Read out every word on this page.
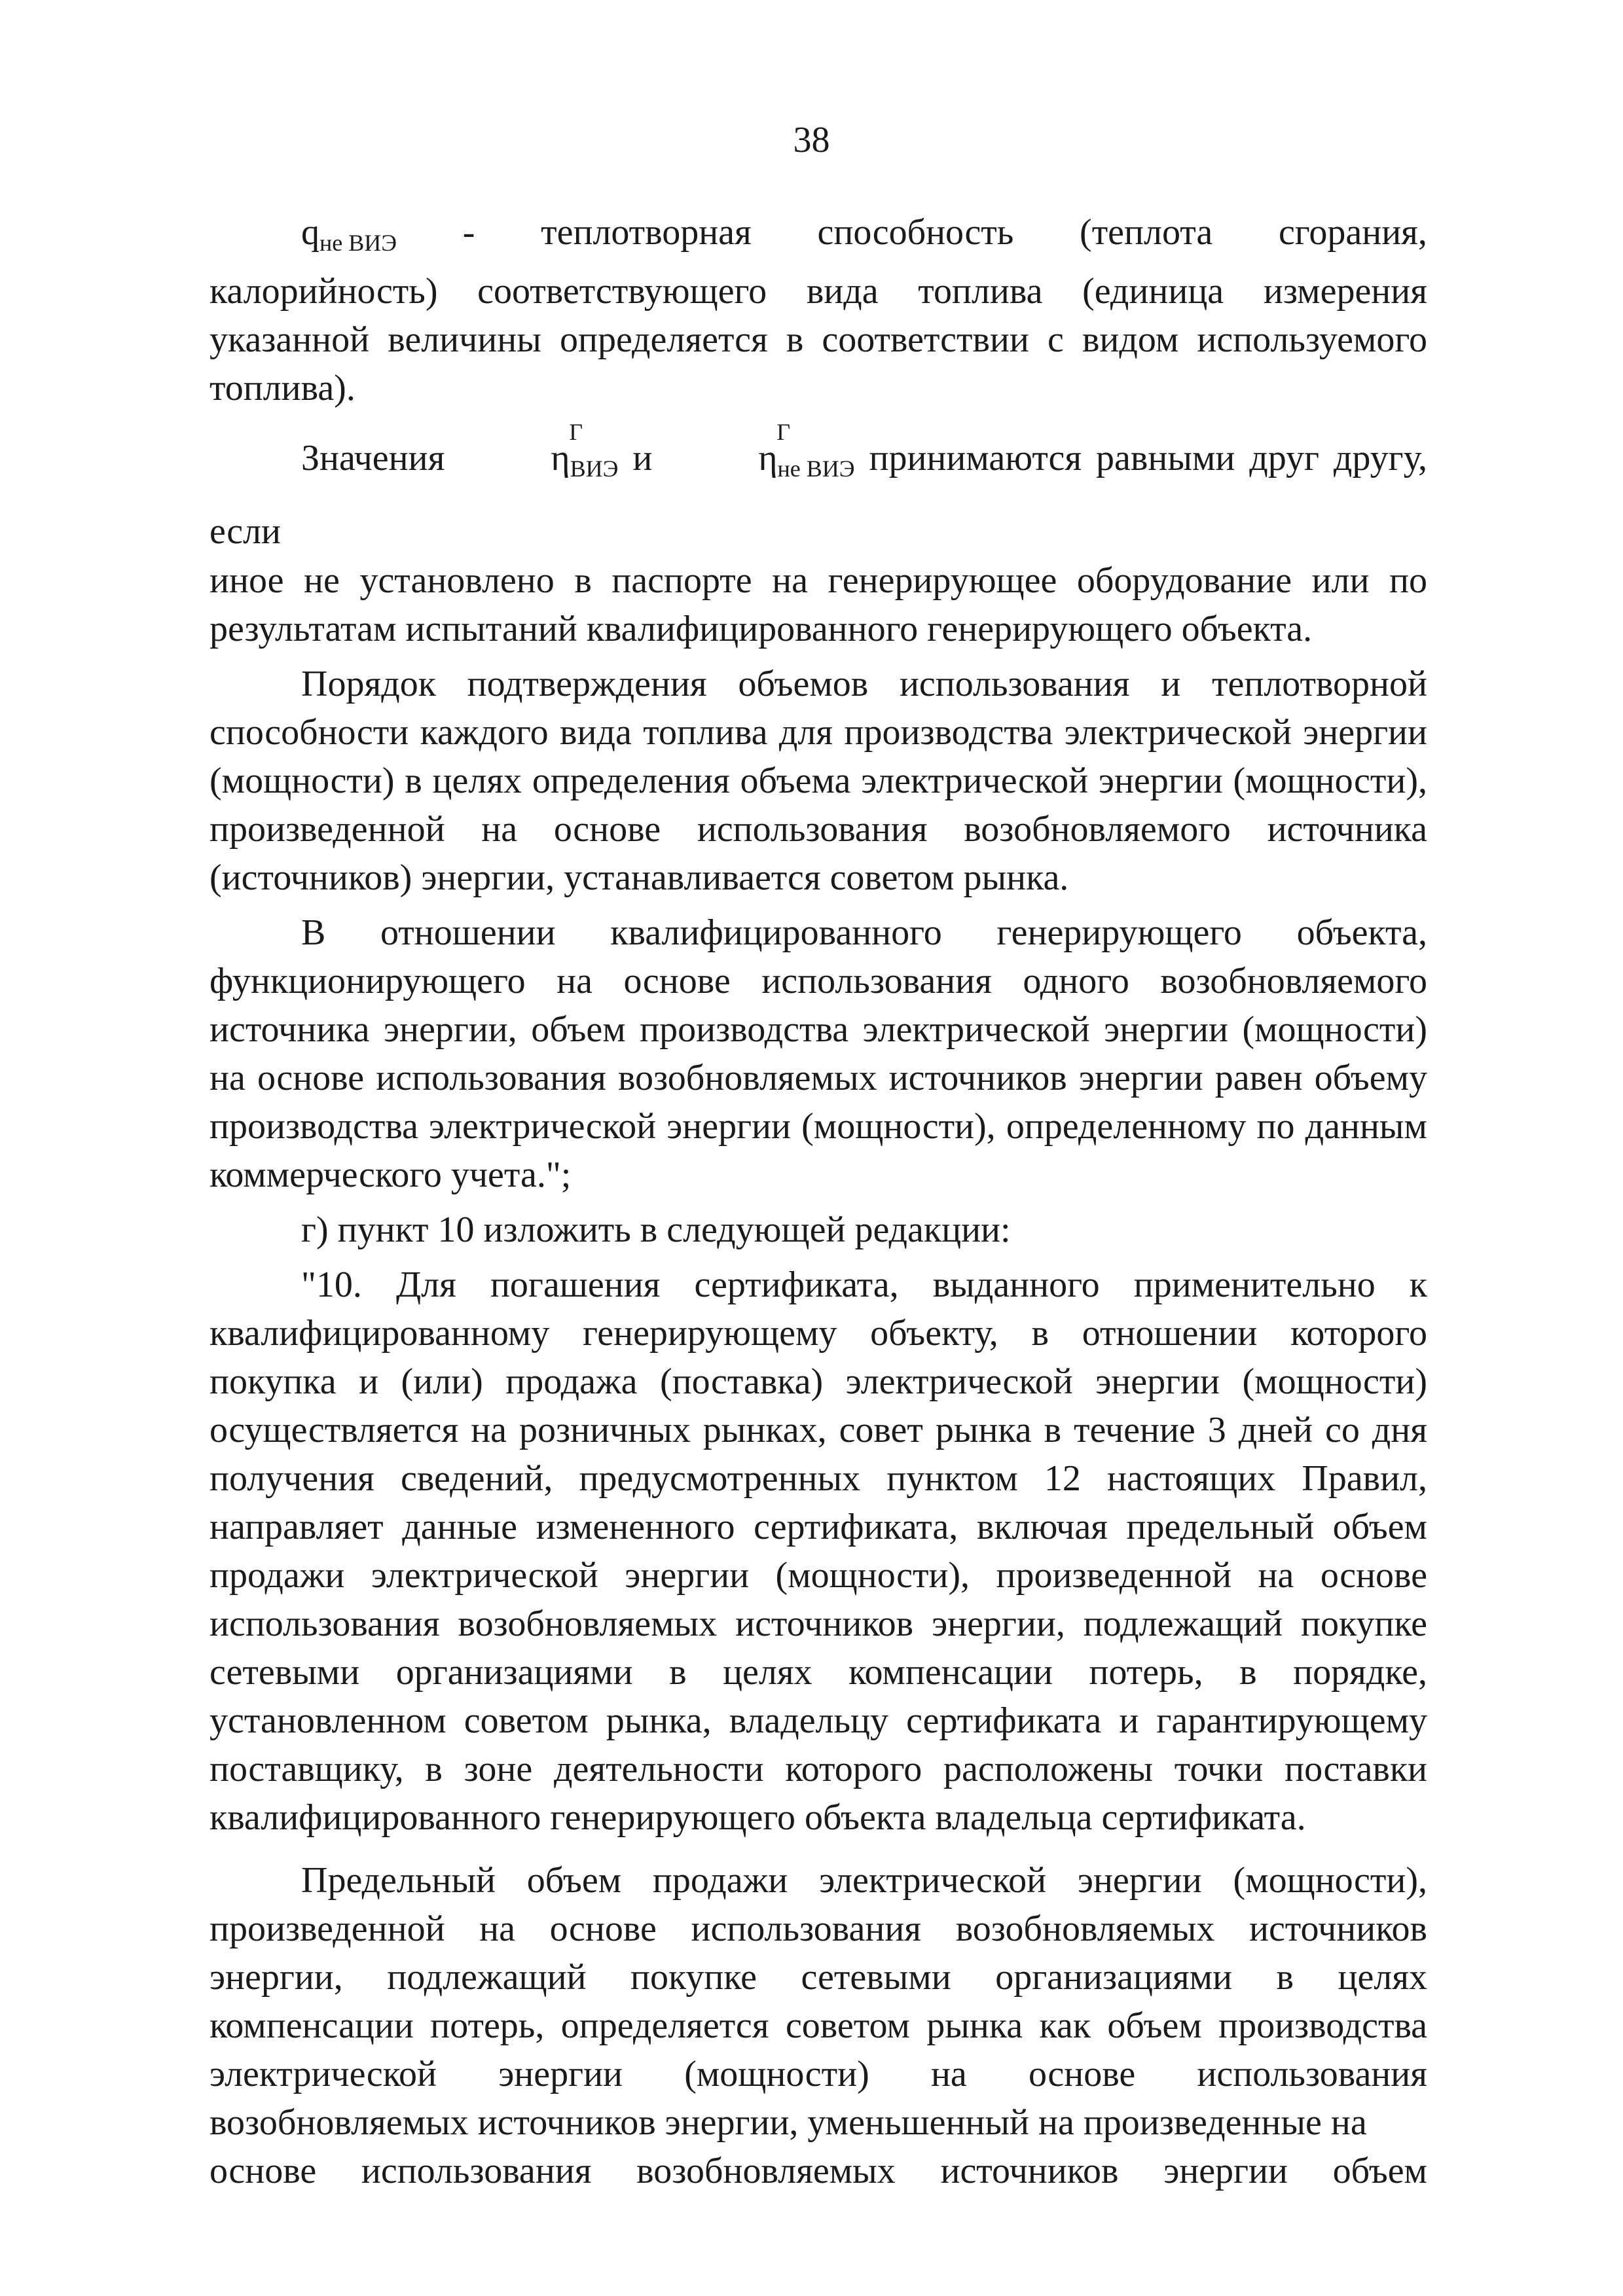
38
$q_{не ВИЭ}$ - теплотворная способность (теплота сгорания,
калорийность) соответствующего вида топлива (единица измерения указанной величины определяется в соответствии с видом используемого топлива).
Значения	η
Г
$_{ВИЭ}$ и	η
Г
$_{не ВИЭ}$ принимаются равными друг другу, если
иное не установлено в паспорте на генерирующее оборудование или по результатам испытаний квалифицированного генерирующего объекта.
Порядок подтверждения объемов использования и теплотворной способности каждого вида топлива для производства электрической энергии (мощности) в целях определения объема электрической энергии (мощности), произведенной на основе использования возобновляемого источника (источников) энергии, устанавливается советом рынка.
В отношении квалифицированного генерирующего объекта, функционирующего на основе использования одного возобновляемого источника энергии, объем производства электрической энергии (мощности) на основе использования возобновляемых источников энергии равен объему производства электрической энергии (мощности), определенному по данным коммерческого учета.";
г) пункт 10 изложить в следующей редакции:
"10. Для погашения сертификата, выданного применительно к квалифицированному генерирующему объекту, в отношении которого покупка и (или) продажа (поставка) электрической энергии (мощности) осуществляется на розничных рынках, совет рынка в течение 3 дней со дня получения сведений, предусмотренных пунктом 12 настоящих Правил, направляет данные измененного сертификата, включая предельный объем продажи электрической энергии (мощности), произведенной на основе использования возобновляемых источников энергии, подлежащий покупке сетевыми организациями в целях компенсации потерь, в порядке, установленном советом рынка, владельцу сертификата и гарантирующему поставщику, в зоне деятельности которого расположены точки поставки квалифицированного генерирующего объекта владельца сертификата.
Предельный объем продажи электрической энергии (мощности), произведенной на основе использования возобновляемых источников энергии, подлежащий покупке сетевыми организациями в целях компенсации потерь, определяется советом рынка как объем производства электрической энергии (мощности) на основе использования возобновляемых источников энергии, уменьшенный на произведенные на
основе использования возобновляемых источников энергии объем
